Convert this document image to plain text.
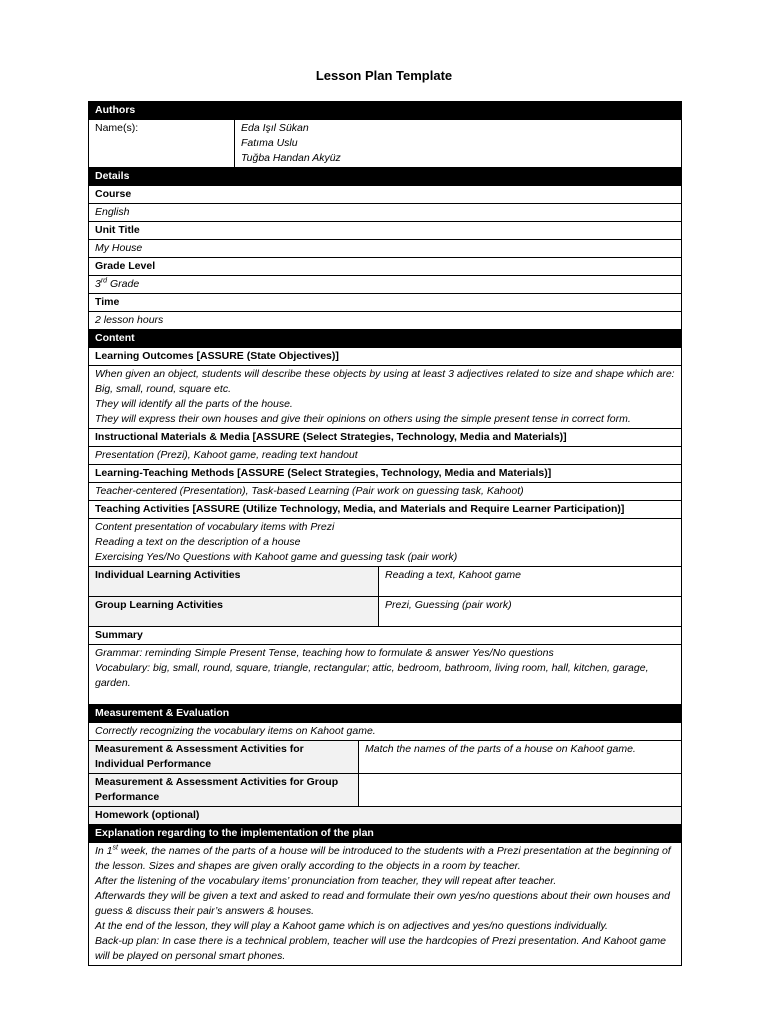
Lesson Plan Template
Authors			
Name(s):	Eda Işıl Sükan
Fatıma Uslu
Tuğba Handan Akyüz		

Details			
Course			
English			
Unit Title			
My House			
Grade Level			
3rd Grade			
Time			
2 lesson hours			
Content			
Learning Outcomes [ASSURE (State Objectives)]			

When given an object, students will describe these objects by using at least 3 adjectives related to size and shape which are: Big, small, round, square etc.
They will identify all the parts of the house.
They will express their own houses and give their opinions on others using the simple present tense in correct form.			

Instructional Materials & Media [ASSURE (Select Strategies, Technology, Media and Materials)]			
Presentation (Prezi), Kahoot game, reading text handout			
Learning-Teaching Methods [ASSURE (Select Strategies, Technology, Media and Materials)]			
Teacher-centered (Presentation), Task-based Learning (Pair work on guessing task, Kahoot)			
Teaching Activities [ASSURE (Utilize Technology, Media, and Materials and Require Learner Participation)]			

Content presentation of vocabulary items with Prezi
Reading a text on the description of a house
Exercising Yes/No Questions with Kahoot game and guessing task (pair work)			

Individual Learning Activities			Reading a text, Kahoot game
Group Learning Activities			Prezi, Guessing (pair work)
Summary			

Grammar: reminding Simple Present Tense, teaching how to formulate & answer Yes/No questions
Vocabulary: big, small, round, square, triangle, rectangular; attic, bedroom, bathroom, living room, hall, kitchen, garage, garden.			

Measurement & Evaluation			
Correctly recognizing the vocabulary items on Kahoot game.			
Measurement & Assessment Activities for Individual Performance		Match the names of the parts of a house on Kahoot game.	
Measurement & Assessment Activities for Group Performance			
Homework (optional)			
Explanation regarding to the implementation of the plan			

In 1st week, the names of the parts of a house will be introduced to the students with a Prezi presentation at the beginning of the lesson. Sizes and shapes are given orally according to the objects in a room by teacher.
After the listening of the vocabulary items’ pronunciation from teacher, they will repeat after teacher.
Afterwards they will be given a text and asked to read and formulate their own yes/no questions about their own houses and guess & discuss their pair’s answers & houses.
At the end of the lesson, they will play a Kahoot game which is on adjectives and yes/no questions individually.
Back-up plan: In case there is a technical problem, teacher will use the hardcopies of Prezi presentation. And Kahoot game will be played on personal smart phones.			
